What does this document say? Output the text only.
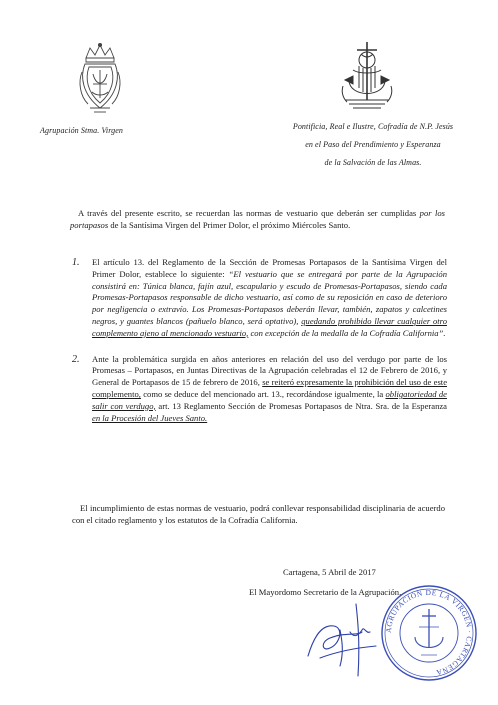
Agrupación Stma. Virgen	Pontificia, Real e Ilustre, Cofradía de N.P. Jesús
en el Paso del Prendimiento y Esperanza
de la Salvación de las Almas.

A través del presente escrito, se recuerdan las normas de vestuario que deberán ser cumplidas por los portapasos de la Santísima Virgen del Primer Dolor, el próximo Miércoles Santo.

1. El artículo 13. del Reglamento de la Sección de Promesas Portapasos de la Santísima Virgen del Primer Dolor, establece lo siguiente: “El vestuario que se entregará por parte de la Agrupación consistirá en: Túnica blanca, fajín azul, escapulario y escudo de Promesas-Portapasos, siendo cada Promesas-Portapasos responsable de dicho vestuario, así como de su reposición en caso de deterioro por negligencia o extravío. Los Promesas-Portapasos deberán llevar, también, zapatos y calcetines negros, y guantes blancos (pañuelo blanco, será optativo), quedando prohibido llevar cualquier otro complemento ajeno al mencionado vestuario, con excepción de la medalla de la Cofradía California”.
2. Ante la problemática surgida en años anteriores en relación del uso del verdugo por parte de los Promesas – Portapasos, en Juntas Directivas de la Agrupación celebradas el 12 de Febrero de 2016, y General de Portapasos de 15 de febrero de 2016, se reiteró expresamente la prohibición del uso de este complemento, como se deduce del mencionado art. 13., recordándose igualmente, la obligatoriedad de salir con verdugo, art. 13 Reglamento Sección de Promesas Portapasos de Ntra. Sra. de la Esperanza en la Procesión del Jueves Santo.

El incumplimiento de estas normas de vestuario, podrá conllevar responsabilidad disciplinaria de acuerdo con el citado reglamento y los estatutos de la Cofradía California.

Cartagena, 5 Abril de 2017
El Mayordomo Secretario de la Agrupación.
AGRUPACIÓN DE LA VIRGEN · CARTAGENA
